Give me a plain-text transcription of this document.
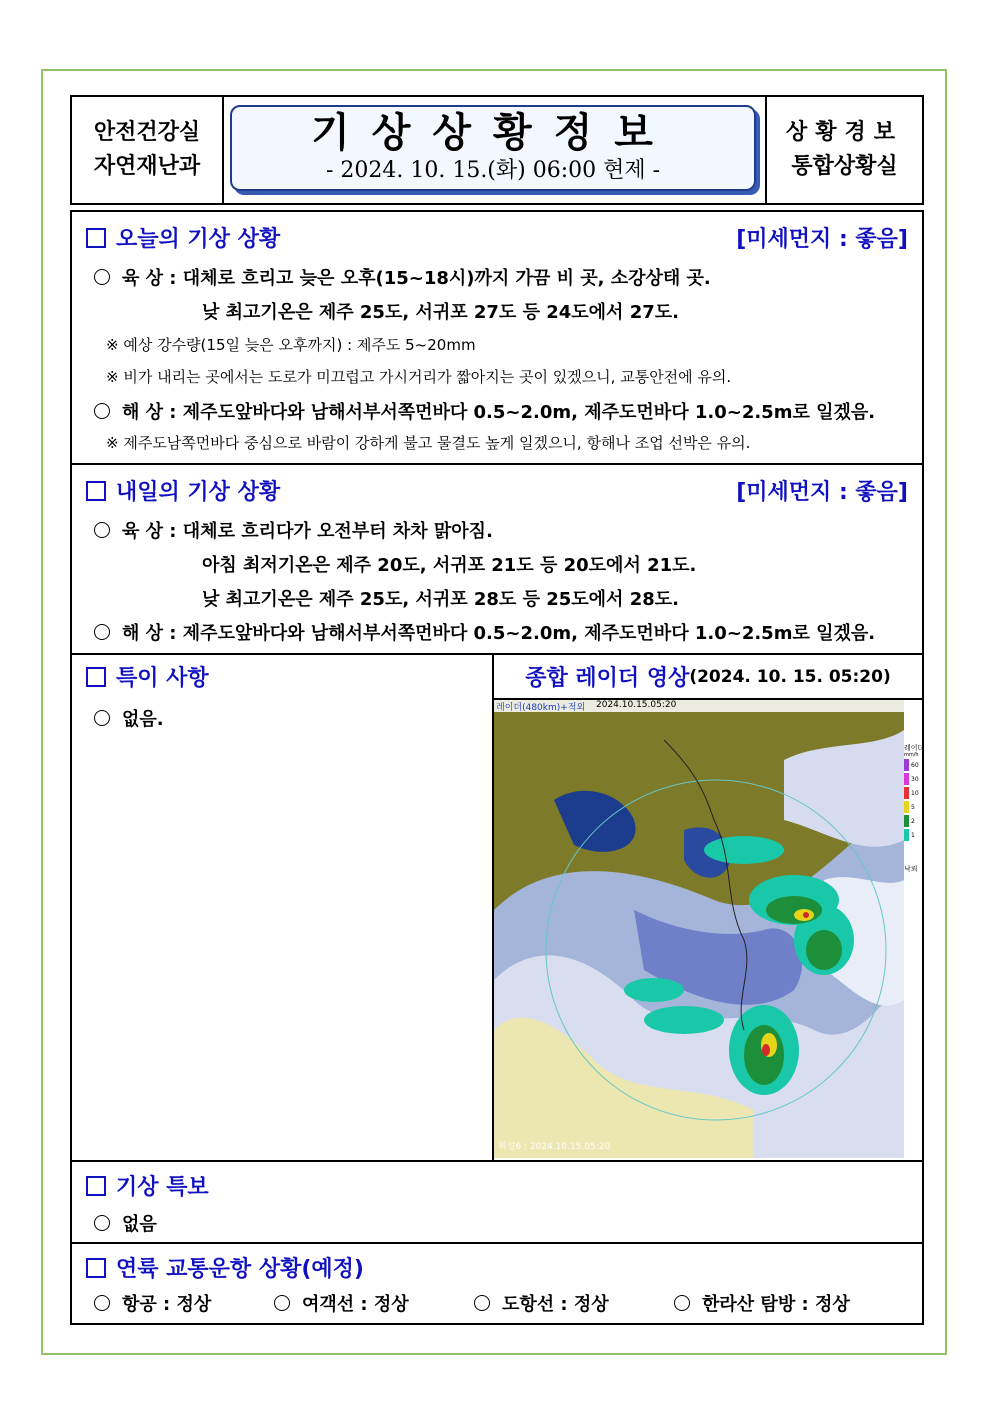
안전건강실
자연재난과
기상상황정보
- 2024. 10. 15.(화) 06:00 현제 -
상황경보
통합상황실
오늘의 기상 상황	[미세먼지 : 좋음]
육 상 : 대체로 흐리고 늦은 오후(15~18시)까지 가끔 비 곳, 소강상태 곳.
낮 최고기온은 제주 25도, 서귀포 27도 등 24도에서 27도.
※ 예상 강수량(15일 늦은 오후까지) : 제주도 5~20mm
※ 비가 내리는 곳에서는 도로가 미끄럽고 가시거리가 짧아지는 곳이 있겠으니, 교통안전에 유의.
해 상 : 제주도앞바다와 남해서부서쪽먼바다 0.5~2.0m, 제주도먼바다 1.0~2.5m로 일겠음.
※ 제주도남쪽먼바다 중심으로 바람이 강하게 불고 물결도 높게 일겠으니, 항해나 조업 선박은 유의.
내일의 기상 상황	[미세먼지 : 좋음]
육 상 : 대체로 흐리다가 오전부터 차차 맑아짐.
아침 최저기온은 제주 20도, 서귀포 21도 등 20도에서 21도.
낮 최고기온은 제주 25도, 서귀포 28도 등 25도에서 28도.
해 상 : 제주도앞바다와 남해서부서쪽먼바다 0.5~2.0m, 제주도먼바다 1.0~2.5m로 일겠음.
특이 사항
없음.
종합 레이더 영상 (2024. 10. 15. 05:20)
레이더(480km)+적외 2024.10.15.05:20
위성6 : 2024.10.15.05:20
레이더
mm/h
60
30
10
5
2
1
낙뢰
기상 특보
없음
연륙 교통운항 상황(예정)
항공 : 정상	여객선 : 정상	도항선 : 정상	한라산 탐방 : 정상
